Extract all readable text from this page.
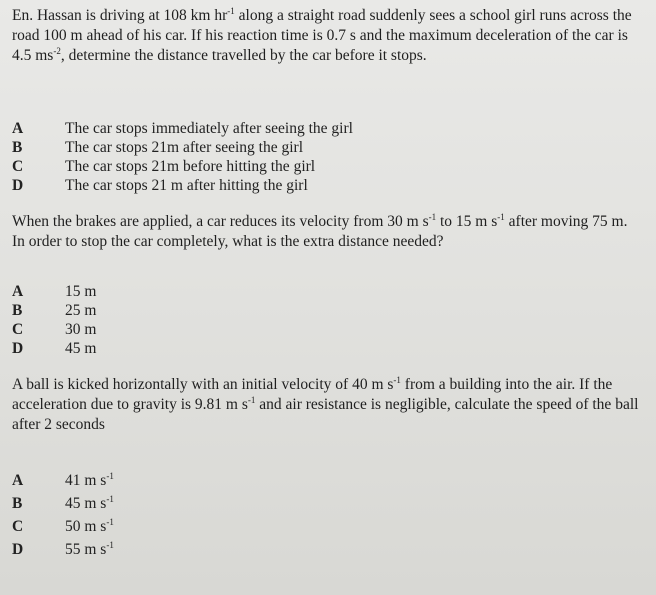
En. Hassan is driving at 108 km $hr^{-1}$ along a straight road suddenly sees a school girl runs across the road 100 m ahead of his car. If his reaction time is 0.7 s and the maximum deceleration of the car is 4.5 $ms^{-2}$, determine the distance travelled by the car before it stops.
A	The car stops immediately after seeing the girl
B	The car stops 21m after seeing the girl
C	The car stops 21m before hitting the girl
D	The car stops 21 m after hitting the girl
When the brakes are applied, a car reduces its velocity from 30 m $s^{-1}$ to 15 m $s^{-1}$ after moving 75 m. In order to stop the car completely, what is the extra distance needed?
A	15 m
B	25 m
C	30 m
D	45 m
A ball is kicked horizontally with an initial velocity of 40 m $s^{-1}$ from a building into the air. If the acceleration due to gravity is 9.81 m $s^{-1}$ and air resistance is negligible, calculate the speed of the ball after 2 seconds
A	41 m $s^{-1}$
B	45 m $s^{-1}$
C	50 m $s^{-1}$
D	55 m $s^{-1}$
